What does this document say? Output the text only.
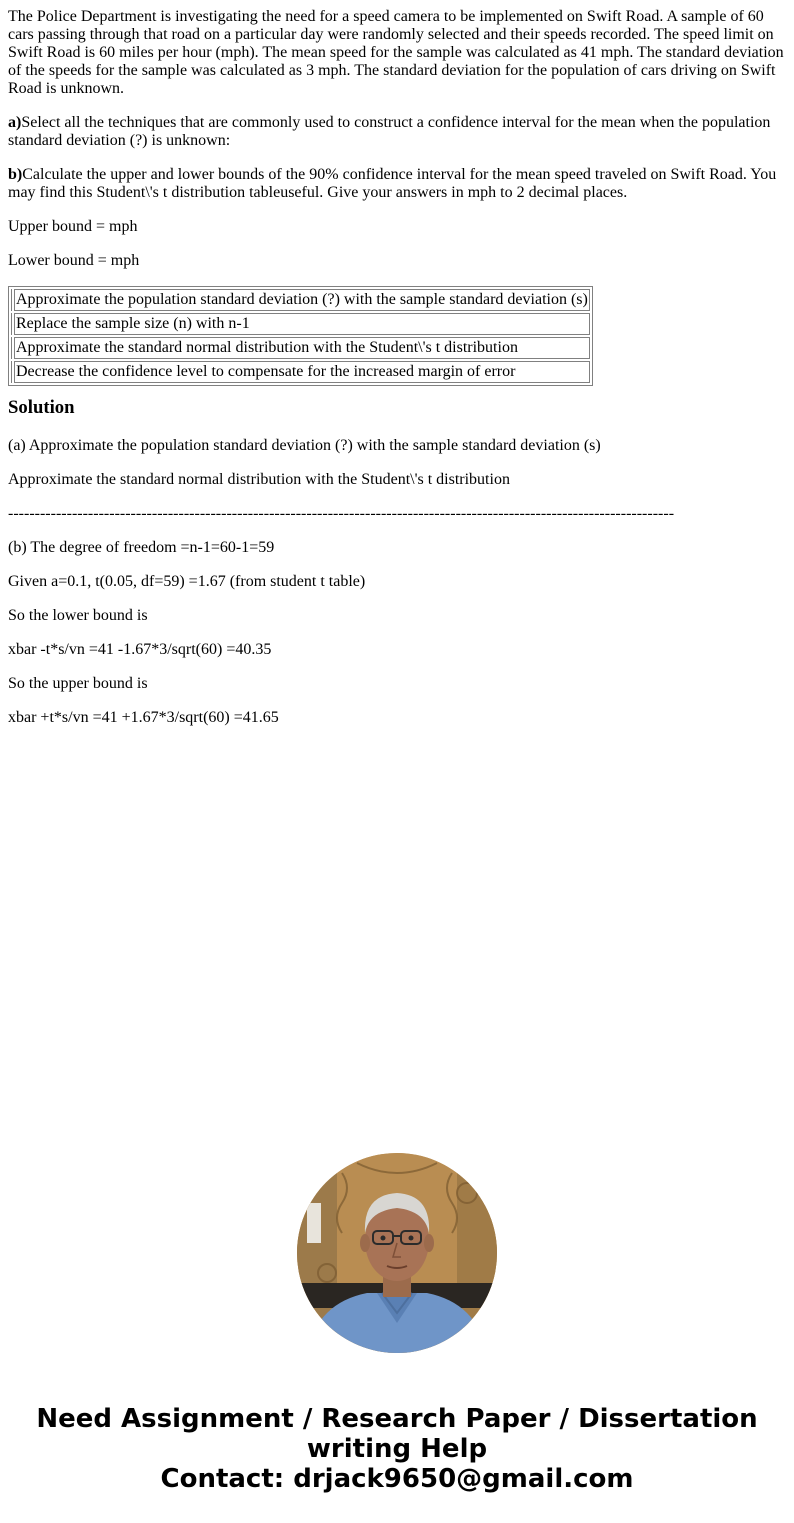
The Police Department is investigating the need for a speed camera to be implemented on Swift Road. A sample of 60 cars passing through that road on a particular day were randomly selected and their speeds recorded. The speed limit on Swift Road is 60 miles per hour (mph). The mean speed for the sample was calculated as 41 mph. The standard deviation of the speeds for the sample was calculated as 3 mph. The standard deviation for the population of cars driving on Swift Road is unknown.

a)Select all the techniques that are commonly used to construct a confidence interval for the mean when the population standard deviation (?) is unknown:

b)Calculate the upper and lower bounds of the 90% confidence interval for the mean speed traveled on Swift Road. You may find this Student\'s t distribution tableuseful. Give your answers in mph to 2 decimal places.

Upper bound = mph

Lower bound = mph

	Approximate the population standard deviation (?) with the sample standard deviation (s)
	Replace the sample size (n) with n-1
	Approximate the standard normal distribution with the Student\'s t distribution
	Decrease the confidence level to compensate for the increased margin of error
Solution

(a) Approximate the population standard deviation (?) with the sample standard deviation (s)

Approximate the standard normal distribution with the Student\'s t distribution

-----------------------------------------------------------------------------------------------------------------------------

(b) The degree of freedom =n-1=60-1=59

Given a=0.1, t(0.05, df=59) =1.67 (from student t table)

So the lower bound is

xbar -t*s/vn =41 -1.67*3/sqrt(60) =40.35

So the upper bound is

xbar +t*s/vn =41 +1.67*3/sqrt(60) =41.65

Need Assignment / Research Paper / Dissertation
writing Help
Contact: drjack9650@gmail.com
